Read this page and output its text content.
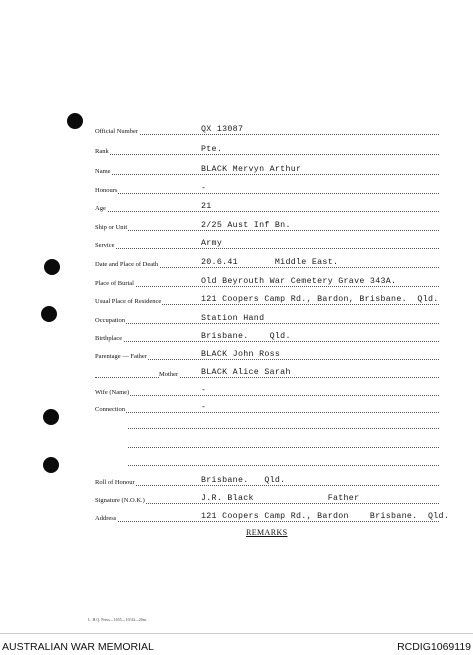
Official Number	QX 13087
Rank	Pte.
Name	BLACK Mervyn Arthur
Honours	-
Age	21
Ship or Unit	2/25 Aust Inf Bn.
Service	Army
Date and Place of Death	20.6.41       Middle East.
Place of Burial	Old Beyrouth War Cemetery Grave 343A.
Usual Place of Residence	121 Coopers Camp Rd., Bardon, Brisbane.  Qld.
Occupation	Station Hand
Birthplace	Brisbane.    Qld.
Parentage — Father	BLACK John Ross
Mother	BLACK Alice Sarah
Wife (Name)	-
Connection	-
Roll of Honour	Brisbane.   Qld.
Signature (N.O.K.)	J.R. Black              Father
Address	121 Coopers Camp Rd., Bardon    Brisbane.  Qld.
REMARKS
L. H.Q. Press—1655—10/44—20m.
AUSTRALIAN WAR MEMORIAL	RCDIG1069119
